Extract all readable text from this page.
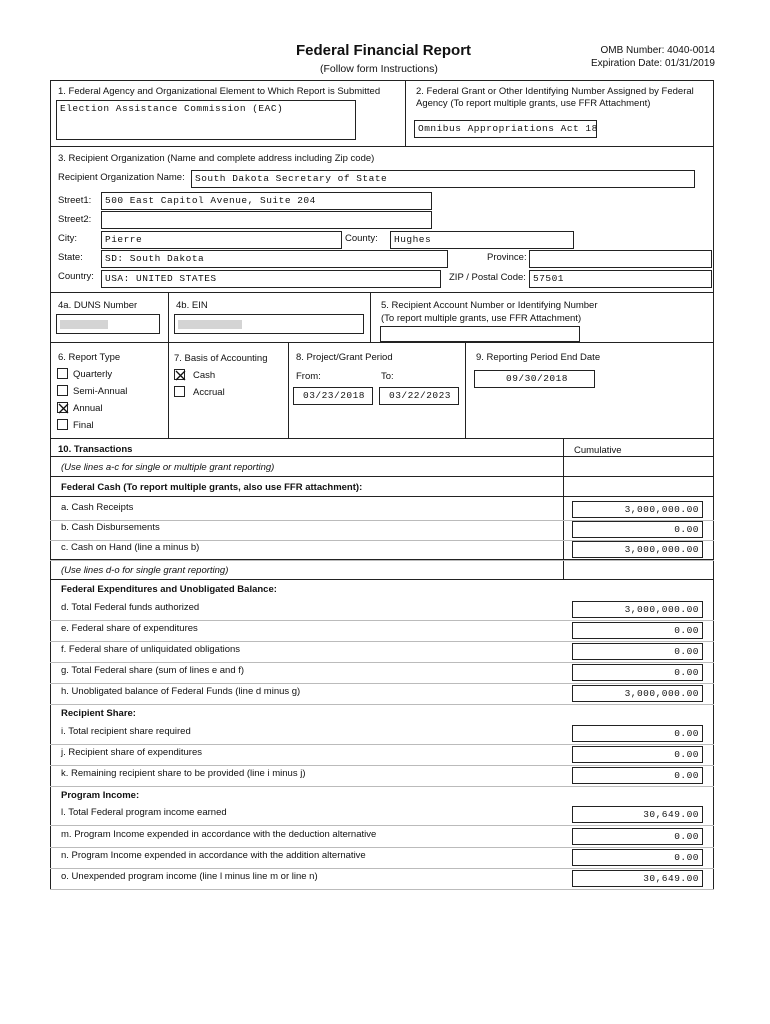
Federal Financial Report
(Follow form Instructions)
OMB Number: 4040-0014
Expiration Date: 01/31/2019
1. Federal Agency and Organizational Element to Which Report is Submitted
Election Assistance Commission (EAC)
2. Federal Grant or Other Identifying Number Assigned by Federal
Agency (To report multiple grants, use FFR Attachment)
Omnibus Appropriations Act 18
3. Recipient Organization (Name and complete address including Zip code)
Recipient Organization Name: South Dakota Secretary of State
Street1: 500 East Capitol Avenue, Suite 204
Street2:
City:	Pierre	County: Hughes
State: SD: South Dakota	Province:
Country: USA: UNITED STATES	ZIP / Postal Code: 57501
4a. DUNS Number	4b. EIN	5. Recipient Account Number or Identifying Number
(To report multiple grants, use FFR Attachment)
6. Report Type
Quarterly
Semi-Annual
Annual
Final
7. Basis of Accounting
Cash
Accrual
8. Project/Grant Period
From:	To:
03/23/2018	03/22/2023
9. Reporting Period End Date
09/30/2018
10. Transactions	Cumulative
(Use lines a-c for single or multiple grant reporting)
Federal Cash (To report multiple grants, also use FFR attachment):
a. Cash Receipts	3,000,000.00
b. Cash Disbursements	0.00
c. Cash on Hand (line a minus b)	3,000,000.00
d. Total Federal funds authorized	3,000,000.00
e. Federal share of expenditures	0.00
f. Federal share of unliquidated obligations	0.00
g. Total Federal share (sum of lines e and f)	0.00
h. Unobligated balance of Federal Funds (line d minus g)	3,000,000.00
i. Total recipient share required	0.00
j. Recipient share of expenditures	0.00
k. Remaining recipient share to be provided (line i minus j)	0.00
l. Total Federal program income earned	30,649.00
m. Program Income expended in accordance with the deduction alternative	0.00
n. Program Income expended in accordance with the addition alternative	0.00
o. Unexpended program income (line l minus line m or line n)	30,649.00
(Use lines d-o for single grant reporting)
Federal Expenditures and Unobligated Balance:
Recipient Share:
Program Income:
